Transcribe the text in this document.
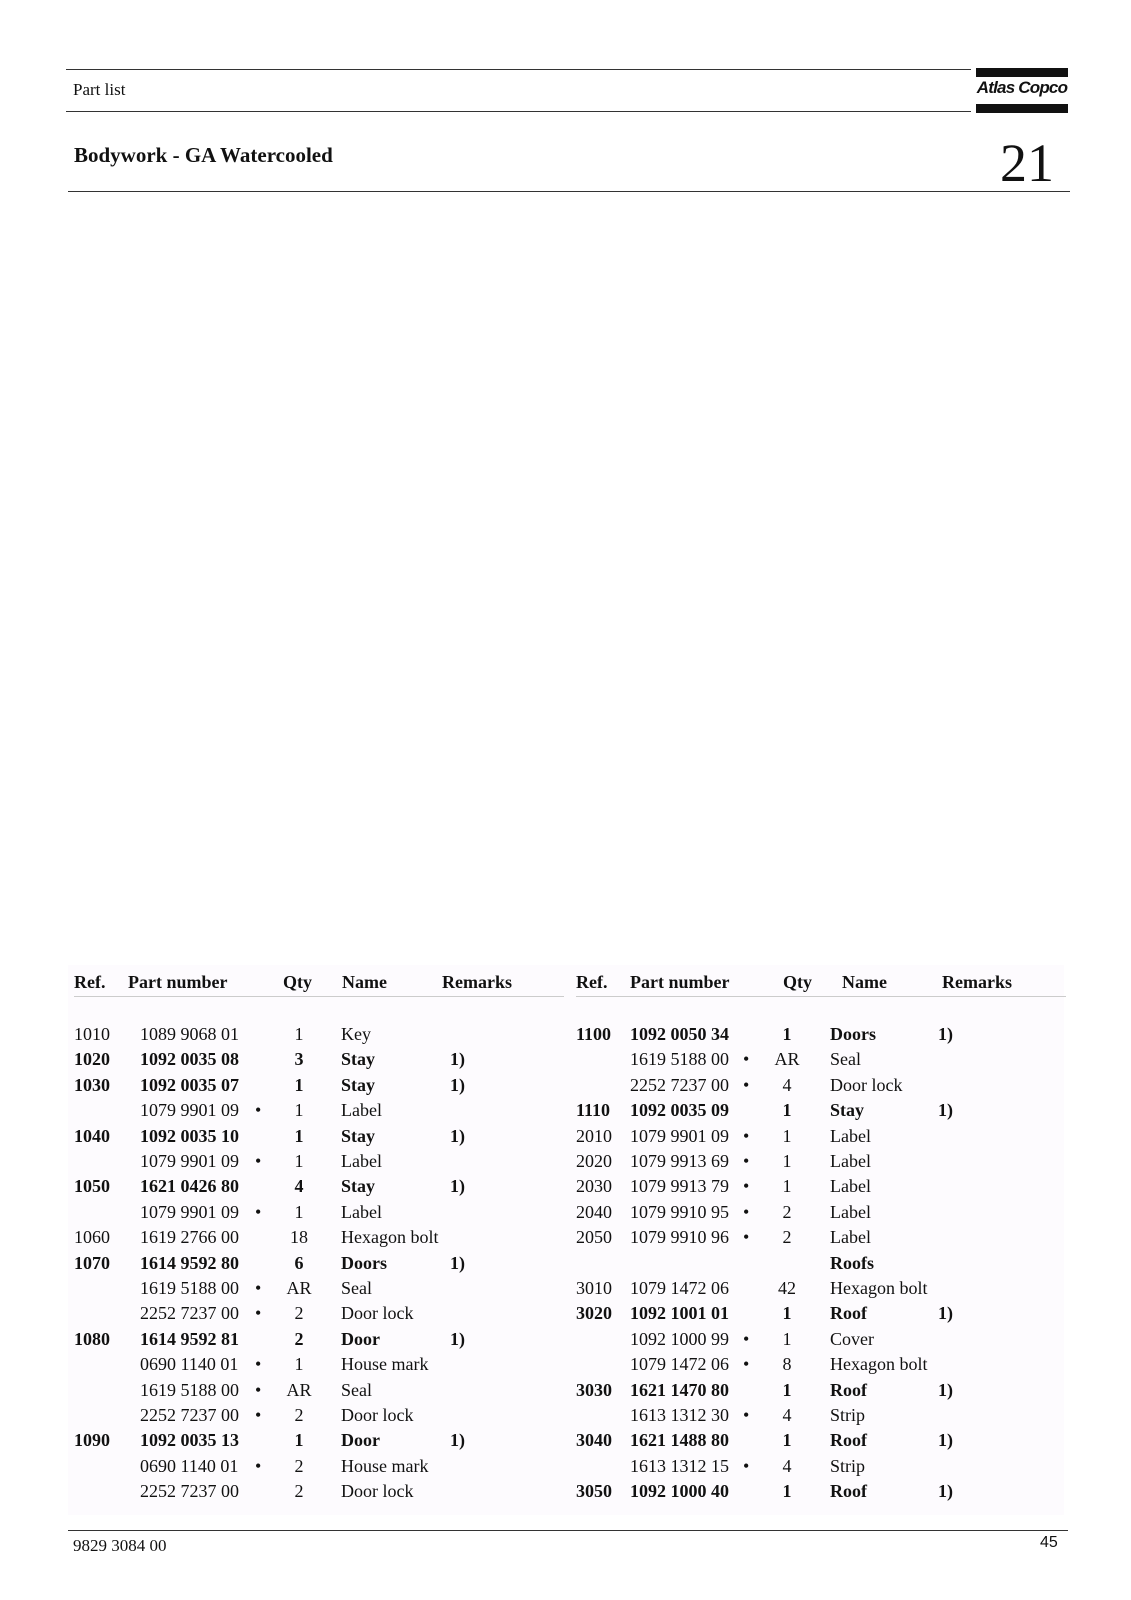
Part list	Atlas Copco
Bodywork - GA Watercooled	21
Ref. Part number	Qty Name	Remarks
1010 1089 9068 01	1	Key
1020 1092 0035 08	3	Stay	1)
1030 1092 0035 07	1	Stay	1)
1079 9901 09 •	1	Label
1040 1092 0035 10	1	Stay	1)
1079 9901 09 •	1	Label
1050 1621 0426 80	4	Stay	1)
1079 9901 09 •	1	Label
1060 1619 2766 00	18	Hexagon bolt
1070 1614 9592 80	6	Doors	1)
1619 5188 00 • AR Seal
2252 7237 00 •	2	Door lock
1080 1614 9592 81	2	Door	1)
0690 1140 01 •	1	House mark
1619 5188 00 • AR Seal
2252 7237 00 •	2	Door lock
1090 1092 0035 13	1	Door	1)
0690 1140 01 •	2	House mark
2252 7237 00	2	Door lock
Ref. Part number	Qty Name	Remarks
1100 1092 0050 34	1	Doors	1)
1619 5188 00 • AR Seal
2252 7237 00 •	4	Door lock
1110 1092 0035 09	1	Stay	1)
2010 1079 9901 09 •	1	Label
2020 1079 9913 69 •	1	Label
2030 1079 9913 79 •	1	Label
2040 1079 9910 95 •	2	Label
2050 1079 9910 96 •	2	Label
Roofs
3010 1079 1472 06	42	Hexagon bolt
3020 1092 1001 01	1	Roof	1)
1092 1000 99 •	1	Cover
1079 1472 06 •	8	Hexagon bolt
3030 1621 1470 80	1	Roof	1)
1613 1312 30 •	4	Strip
3040 1621 1488 80	1	Roof	1)
1613 1312 15 •	4	Strip
3050 1092 1000 40	1	Roof	1)
9829 3084 00	45
